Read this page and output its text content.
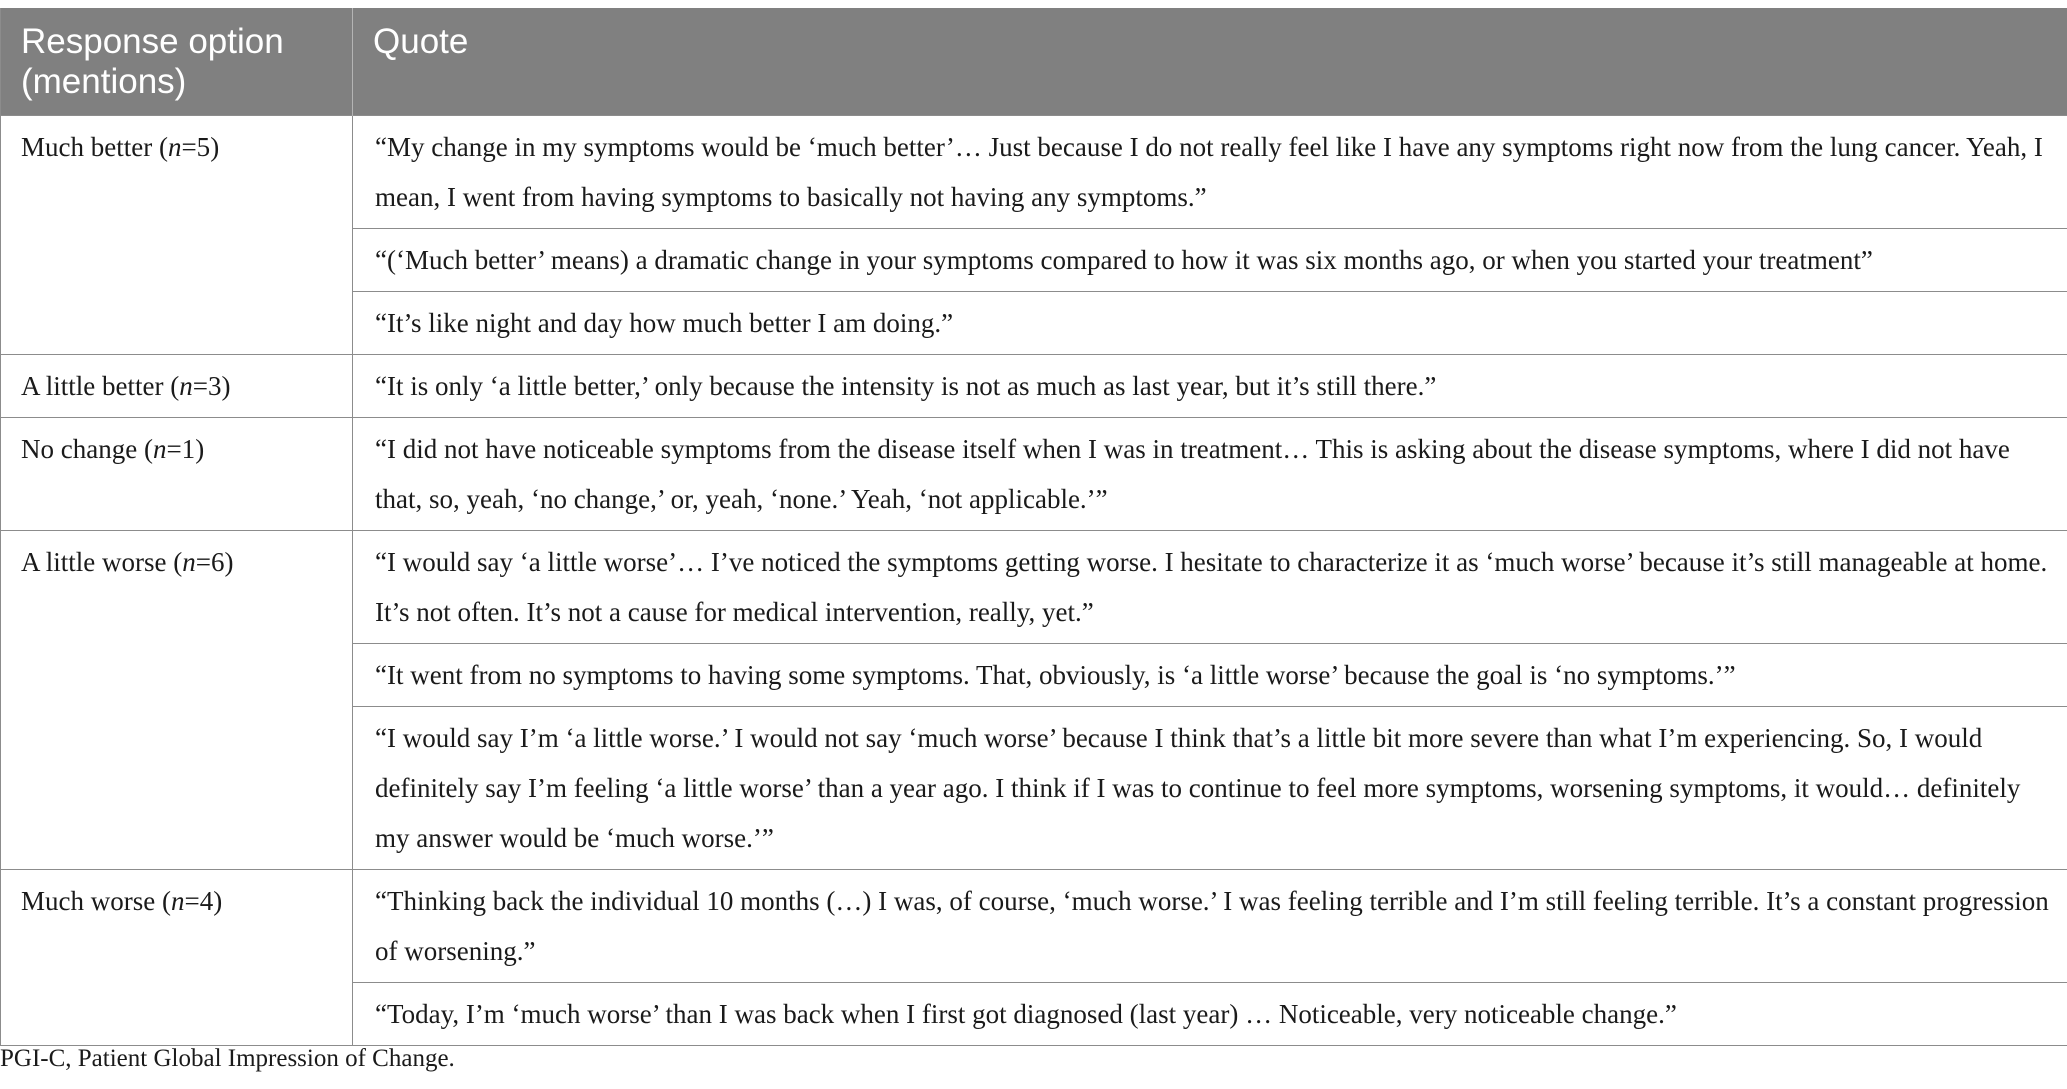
Response option (mentions)	Quote
Much better (n=5)	“My change in my symptoms would be ‘much better’… Just because I do not really feel like I have any symptoms right now from the lung cancer. Yeah, I mean, I went from having symptoms to basically not having any symptoms.”
	“(‘Much better’ means) a dramatic change in your symptoms compared to how it was six months ago, or when you started your treatment”
	“It’s like night and day how much better I am doing.”
A little better (n=3)	“It is only ‘a little better,’ only because the intensity is not as much as last year, but it’s still there.”
No change (n=1)	“I did not have noticeable symptoms from the disease itself when I was in treatment… This is asking about the disease symptoms, where I did not have that, so, yeah, ‘no change,’ or, yeah, ‘none.’ Yeah, ‘not applicable.’”
A little worse (n=6)	“I would say ‘a little worse’… I’ve noticed the symptoms getting worse. I hesitate to characterize it as ‘much worse’ because it’s still manageable at home. It’s not often. It’s not a cause for medical intervention, really, yet.”
	“It went from no symptoms to having some symptoms. That, obviously, is ‘a little worse’ because the goal is ‘no symptoms.’”
	“I would say I’m ‘a little worse.’ I would not say ‘much worse’ because I think that’s a little bit more severe than what I’m experiencing. So, I would definitely say I’m feeling ‘a little worse’ than a year ago. I think if I was to continue to feel more symptoms, worsening symptoms, it would… definitely my answer would be ‘much worse.’”
Much worse (n=4)	“Thinking back the individual 10 months (…) I was, of course, ‘much worse.’ I was feeling terrible and I’m still feeling terrible. It’s a constant progression of worsening.”
	“Today, I’m ‘much worse’ than I was back when I first got diagnosed (last year) … Noticeable, very noticeable change.”
PGI-C, Patient Global Impression of Change.
